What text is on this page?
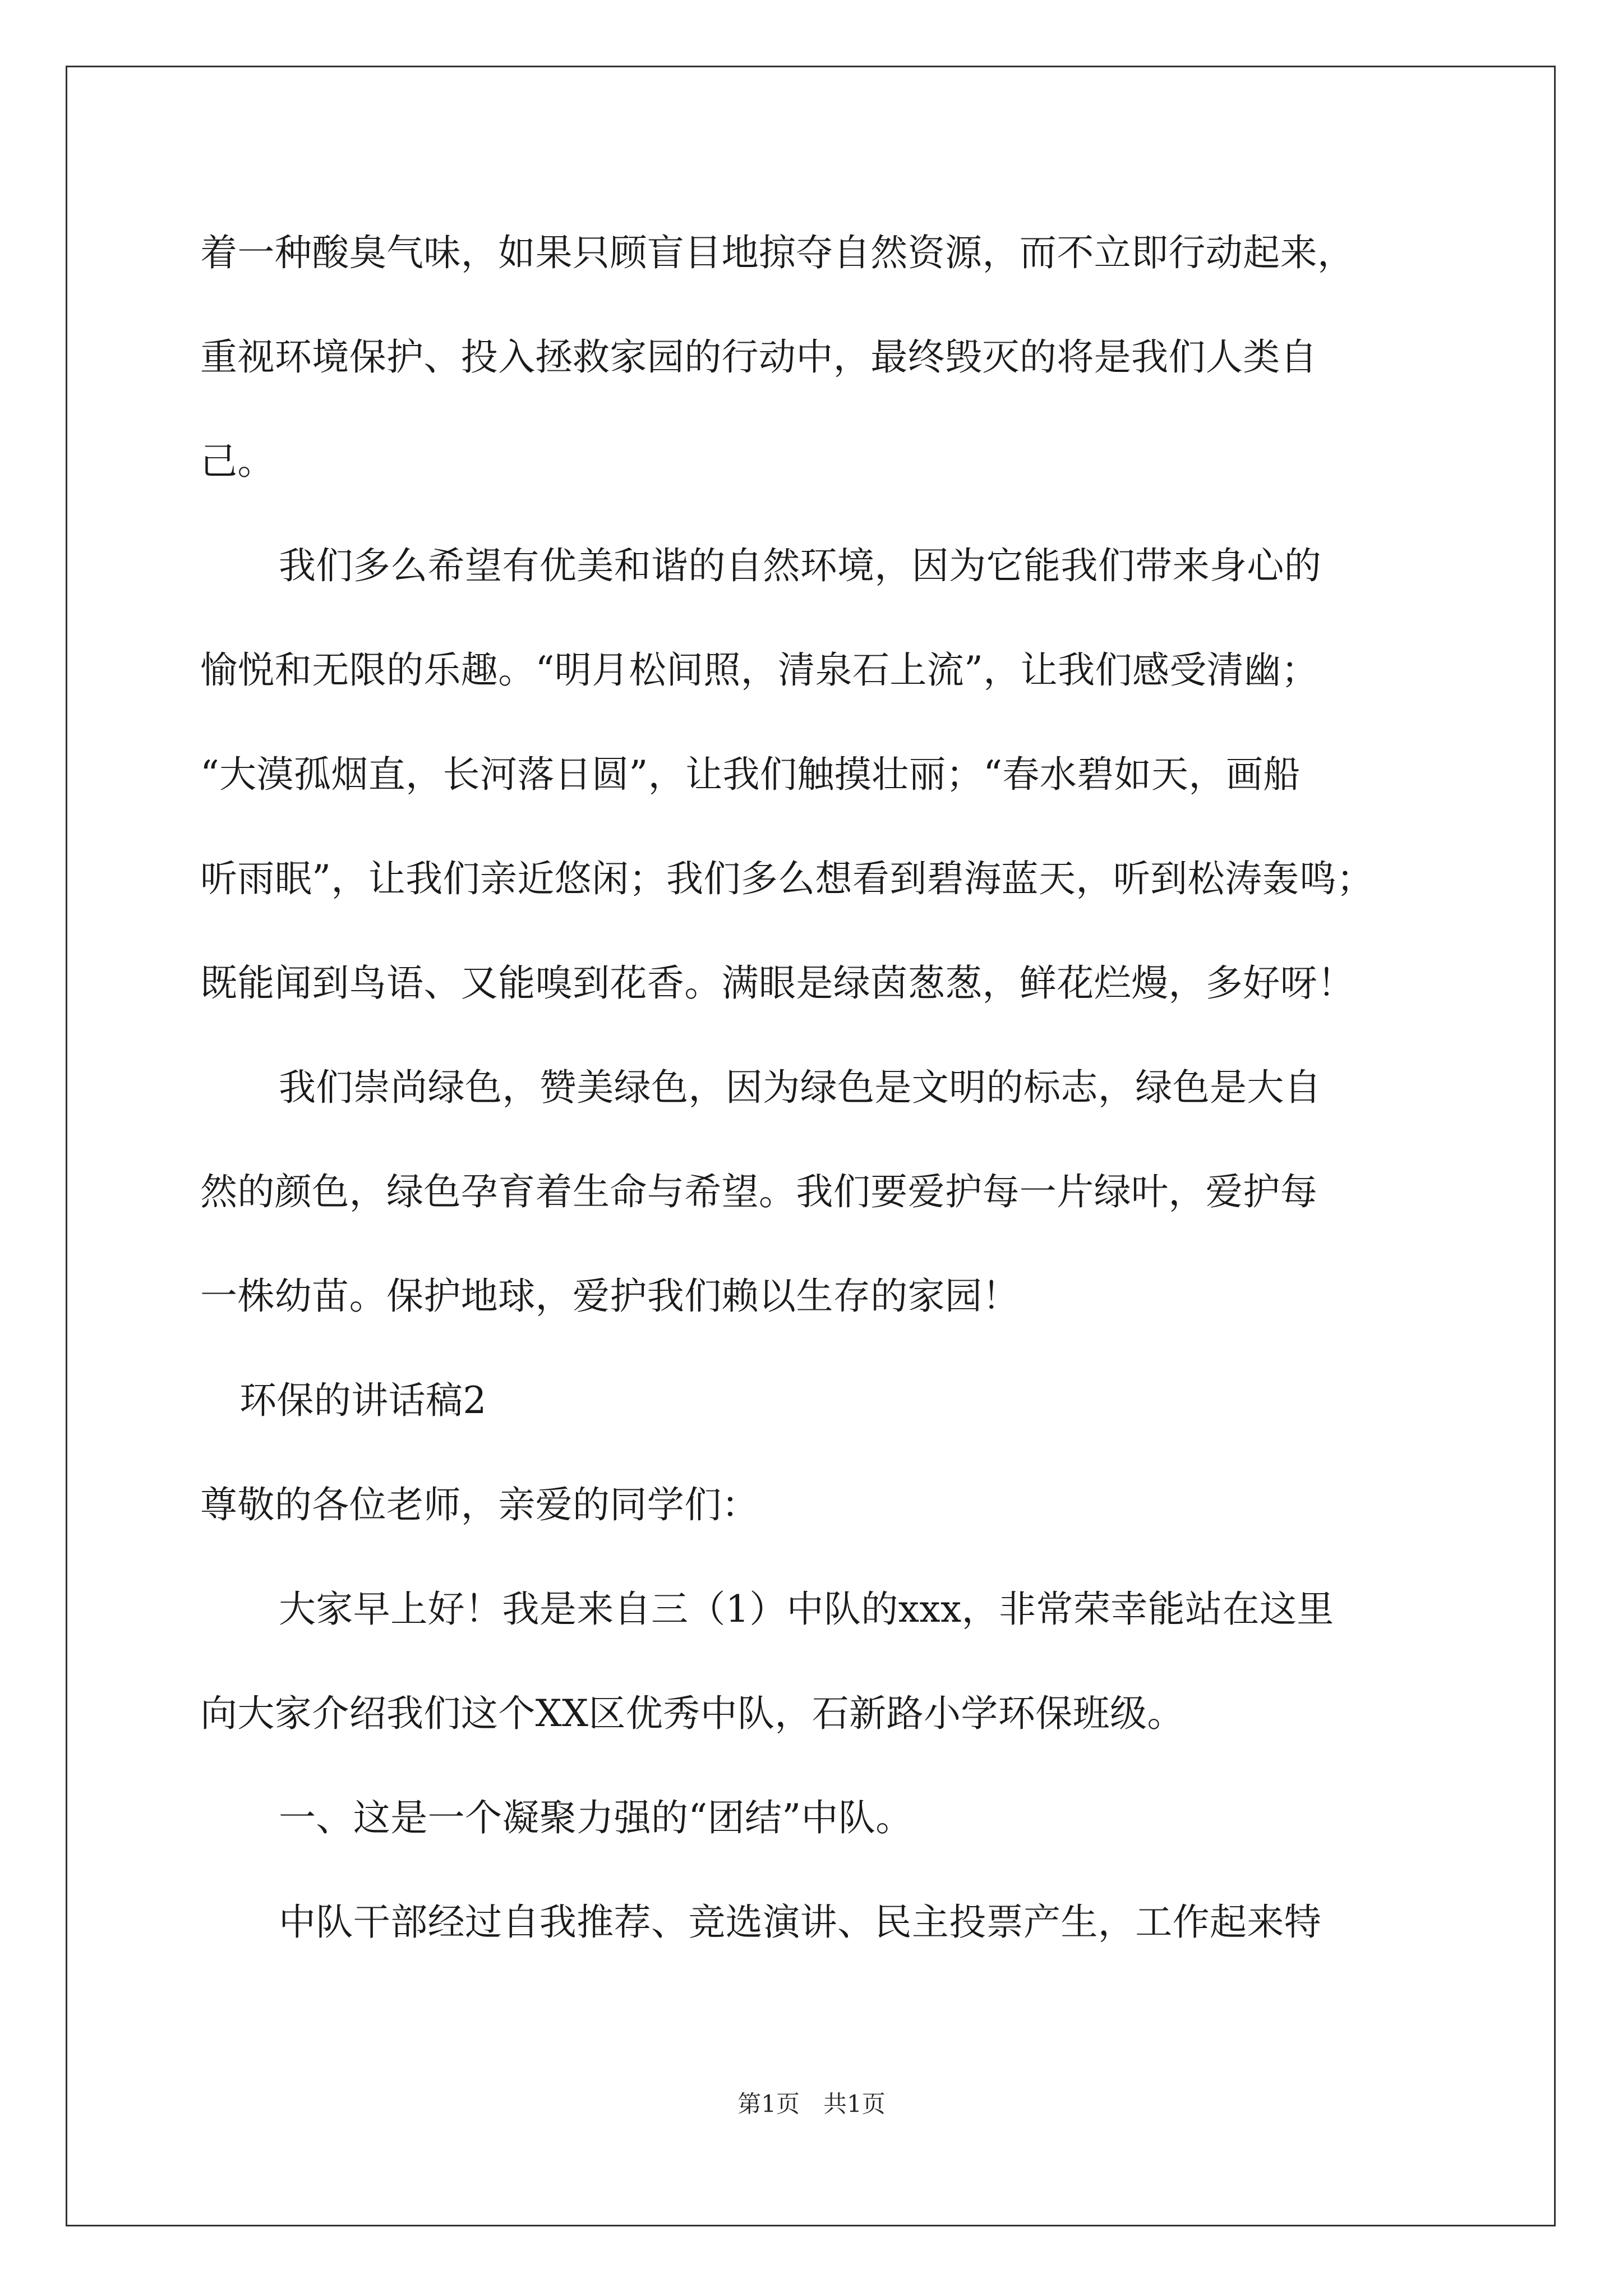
着一种酸臭气味，如果只顾盲目地掠夺自然资源，而不立即行动起来，
重视环境保护、投入拯救家园的行动中，最终毁灭的将是我们人类自
己。
我们多么希望有优美和谐的自然环境，因为它能我们带来身心的
愉悦和无限的乐趣。“明月松间照，清泉石上流”，让我们感受清幽；
“大漠孤烟直，长河落日圆”，让我们触摸壮丽；“春水碧如天，画船
听雨眠”，让我们亲近悠闲；我们多么想看到碧海蓝天，听到松涛轰鸣；
既能闻到鸟语、又能嗅到花香。满眼是绿茵葱葱，鲜花烂熳，多好呀！
我们崇尚绿色，赞美绿色，因为绿色是文明的标志，绿色是大自
然的颜色，绿色孕育着生命与希望。我们要爱护每一片绿叶，爱护每
一株幼苗。保护地球，爱护我们赖以生存的家园！
环保的讲话稿2
尊敬的各位老师，亲爱的同学们：
大家早上好！我是来自三（1）中队的xxx，非常荣幸能站在这里
向大家介绍我们这个XX区优秀中队，石新路小学环保班级。
一、这是一个凝聚力强的“团结”中队。
中队干部经过自我推荐、竞选演讲、民主投票产生，工作起来特
第1页　共1页
